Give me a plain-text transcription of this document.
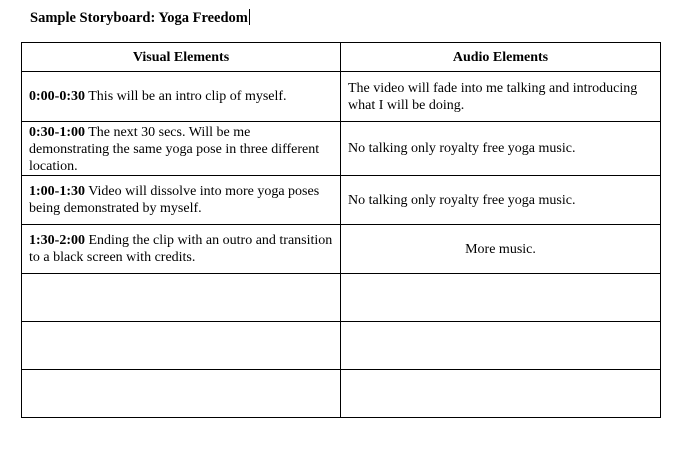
Sample Storyboard: Yoga Freedom
Visual Elements	Audio Elements
0:00-0:30 This will be an intro clip of myself.	The video will fade into me talking and introducing what I will be doing.
0:30-1:00 The next 30 secs. Will be me demonstrating the same yoga pose in three different location.	No talking only royalty free yoga music.
1:00-1:30 Video will dissolve into more yoga poses being demonstrated by myself.	No talking only royalty free yoga music.
1:30-2:00 Ending the clip with an outro and transition to a black screen with credits.	More music.
